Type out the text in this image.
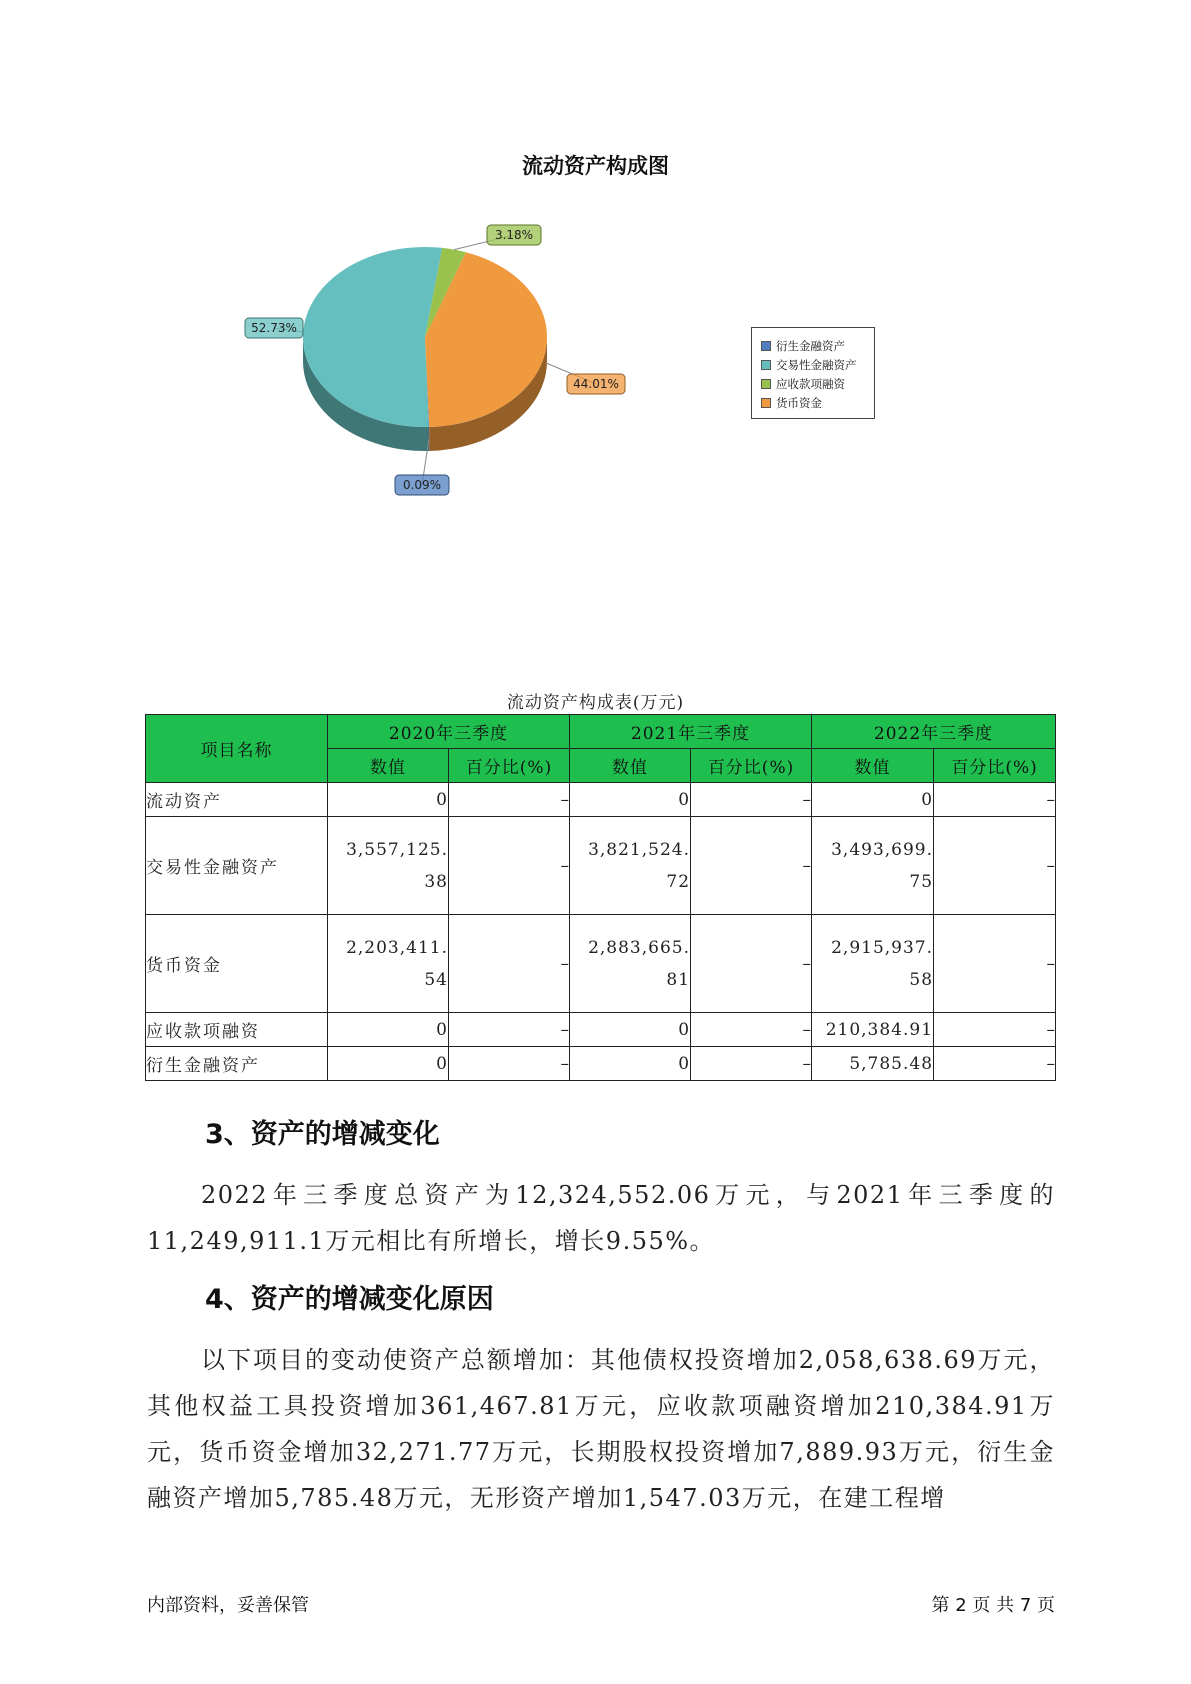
流动资产构成图
0.09%
52.73%
3.18%
44.01%
衍生金融资产
交易性金融资产
应收款项融资
货币资金
流动资产构成表(万元)
项目名称	2020年三季度		2021年三季度		2022年三季度	
	数值	百分比(%)	数值	百分比(%)	数值	百分比(%)
流动资产	0	–	0	–	0	–
交易性金融资产	3,557,125.38	–	3,821,524.72	–	3,493,699.75	–
货币资金	2,203,411.54	–	2,883,665.81	–	2,915,937.58	–
应收款项融资	0	–	0	–	210,384.91	–
衍生金融资产	0	–	0	–	5,785.48	–
3、资产的增减变化
2022年三季度总资产为12,324,552.06万元，与2021年三季度的11,249,911.1万元相比有所增长，增长9.55%。
4、资产的增减变化原因
以下项目的变动使资产总额增加：其他债权投资增加2,058,638.69万元，其他权益工具投资增加361,467.81万元，应收款项融资增加210,384.91万元，货币资金增加32,271.77万元，长期股权投资增加7,889.93万元，衍生金融资产增加5,785.48万元，无形资产增加1,547.03万元，在建工程增
内部资料，妥善保管	第 2 页 共 7 页
